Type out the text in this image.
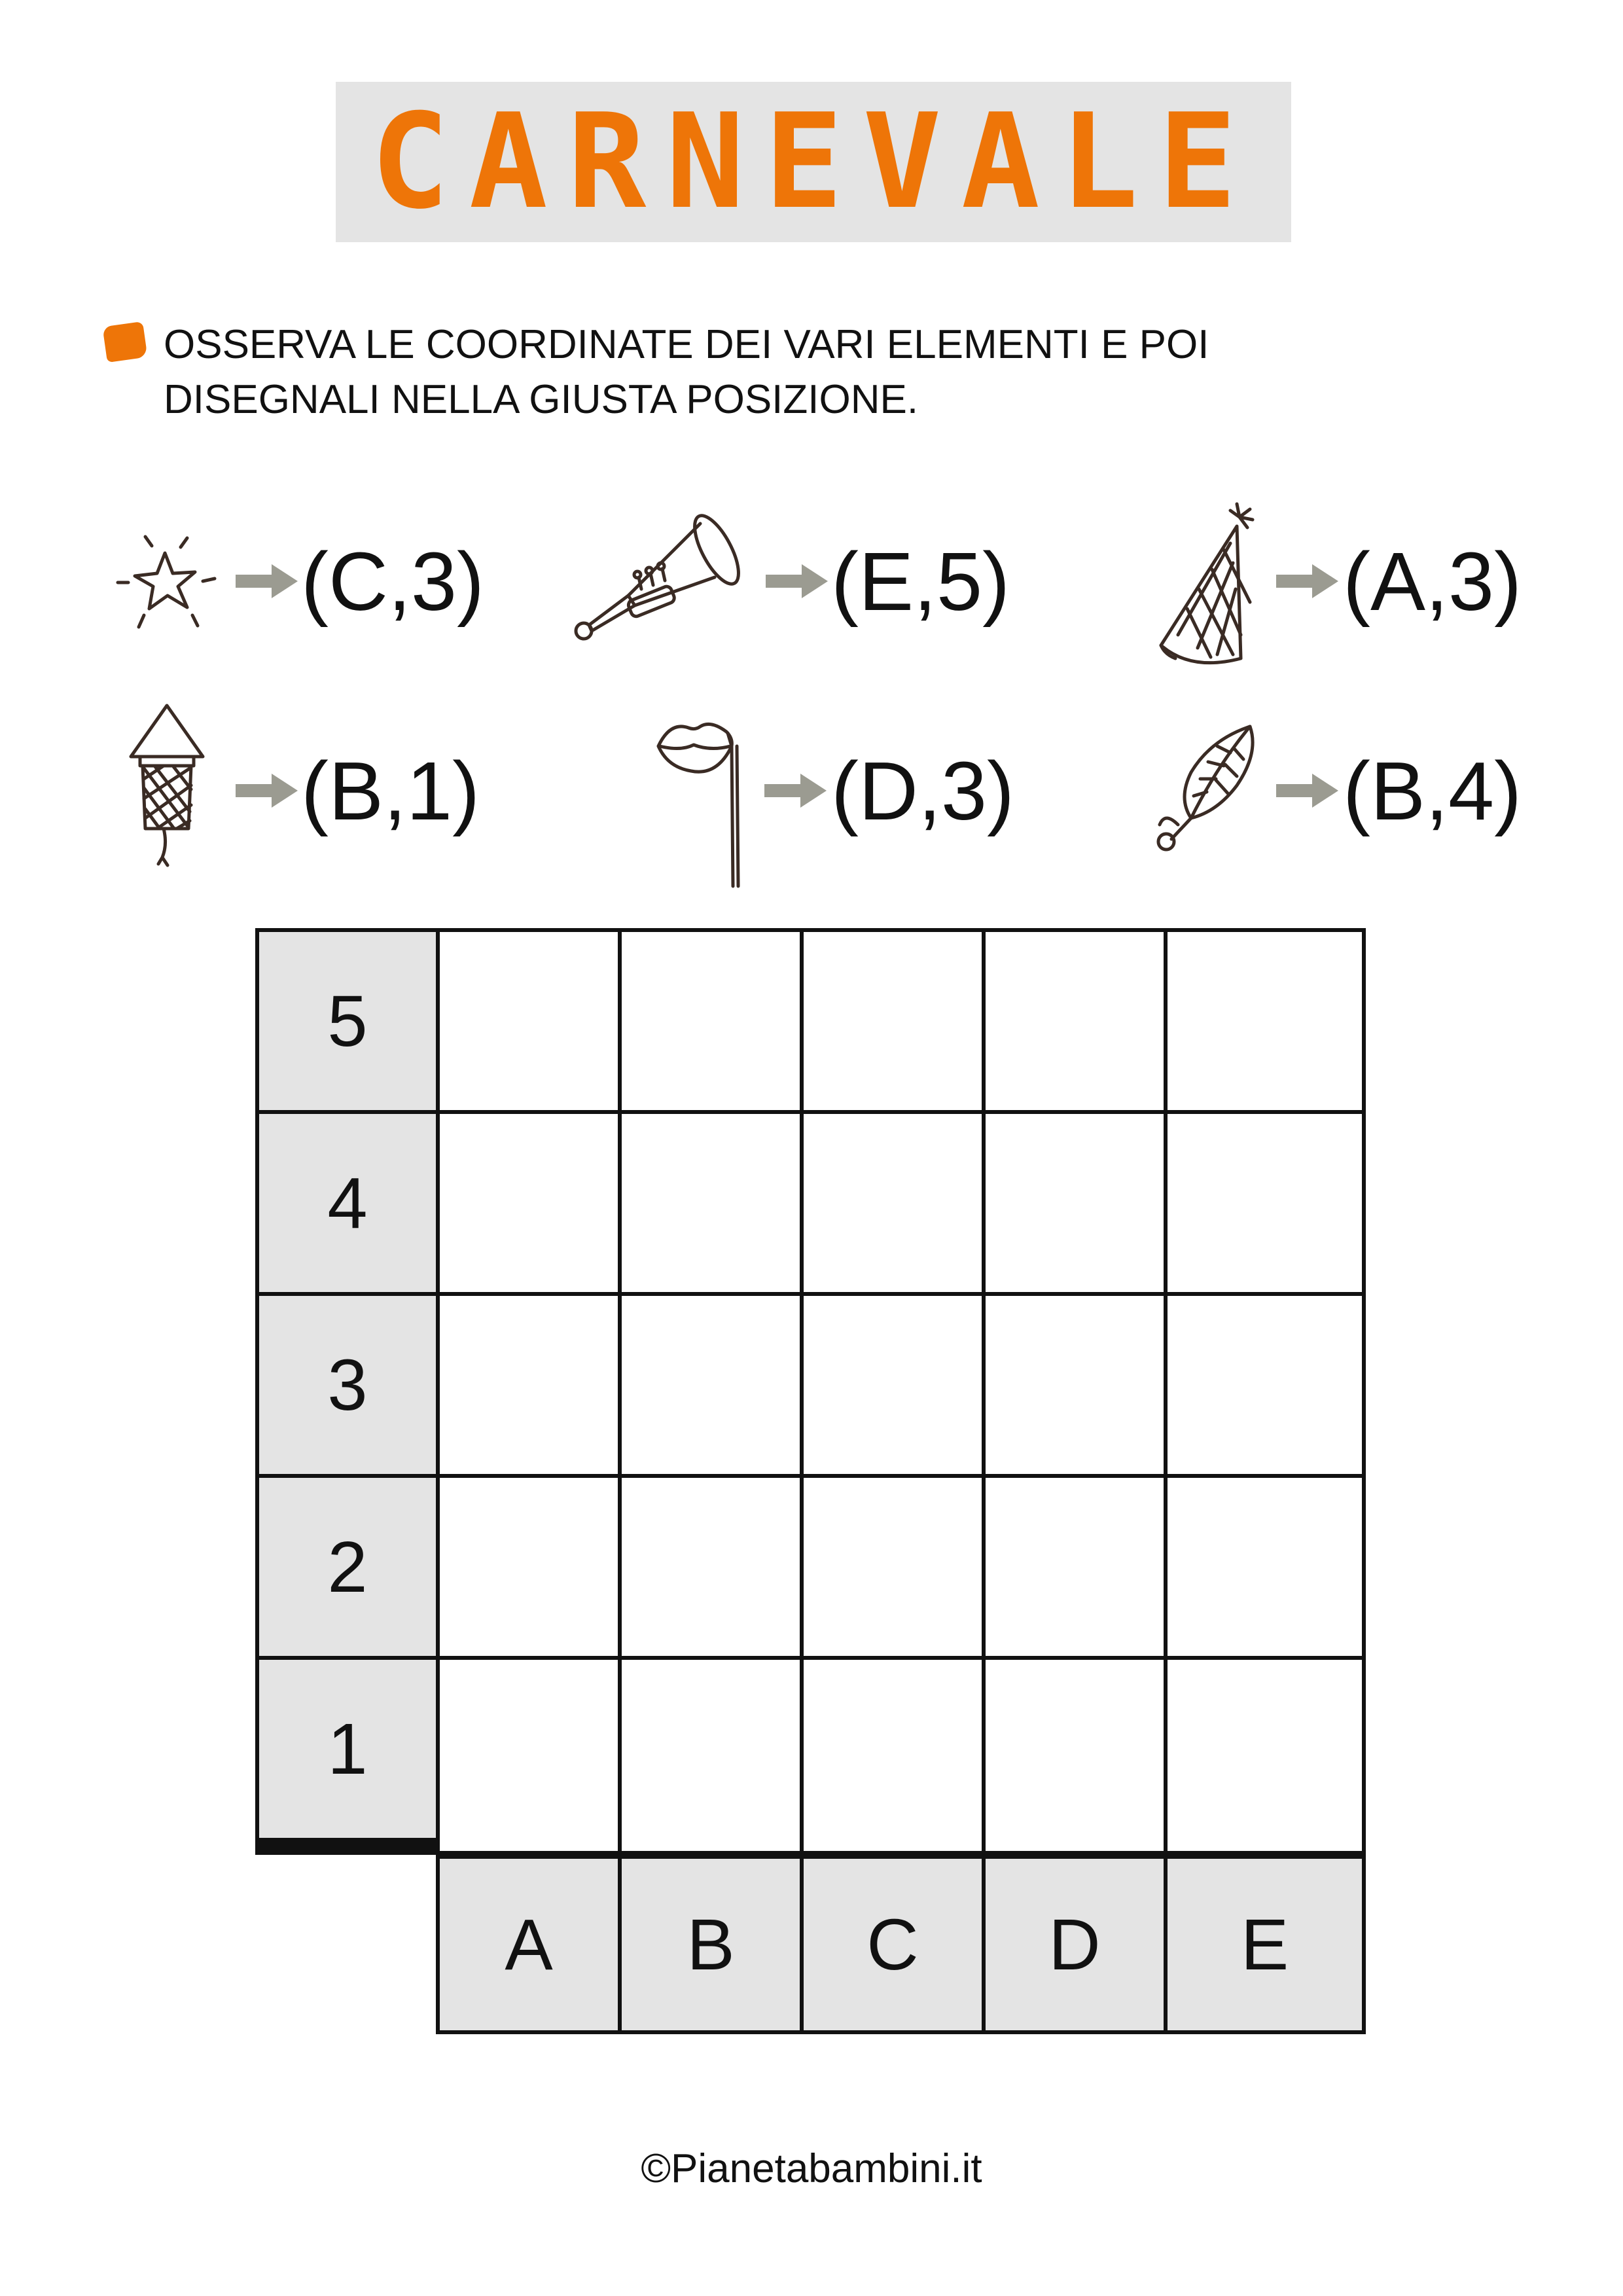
CARNEVALE
OSSERVA LE COORDINATE DEI VARI ELEMENTI E POI
DISEGNALI NELLA GIUSTA POSIZIONE.
(C,3)	(E,5)	(A,3)
(B,1)	(D,3)	(B,4)
5
4
3
2
1
A	B	C	D	E
©Pianetabambini.it
